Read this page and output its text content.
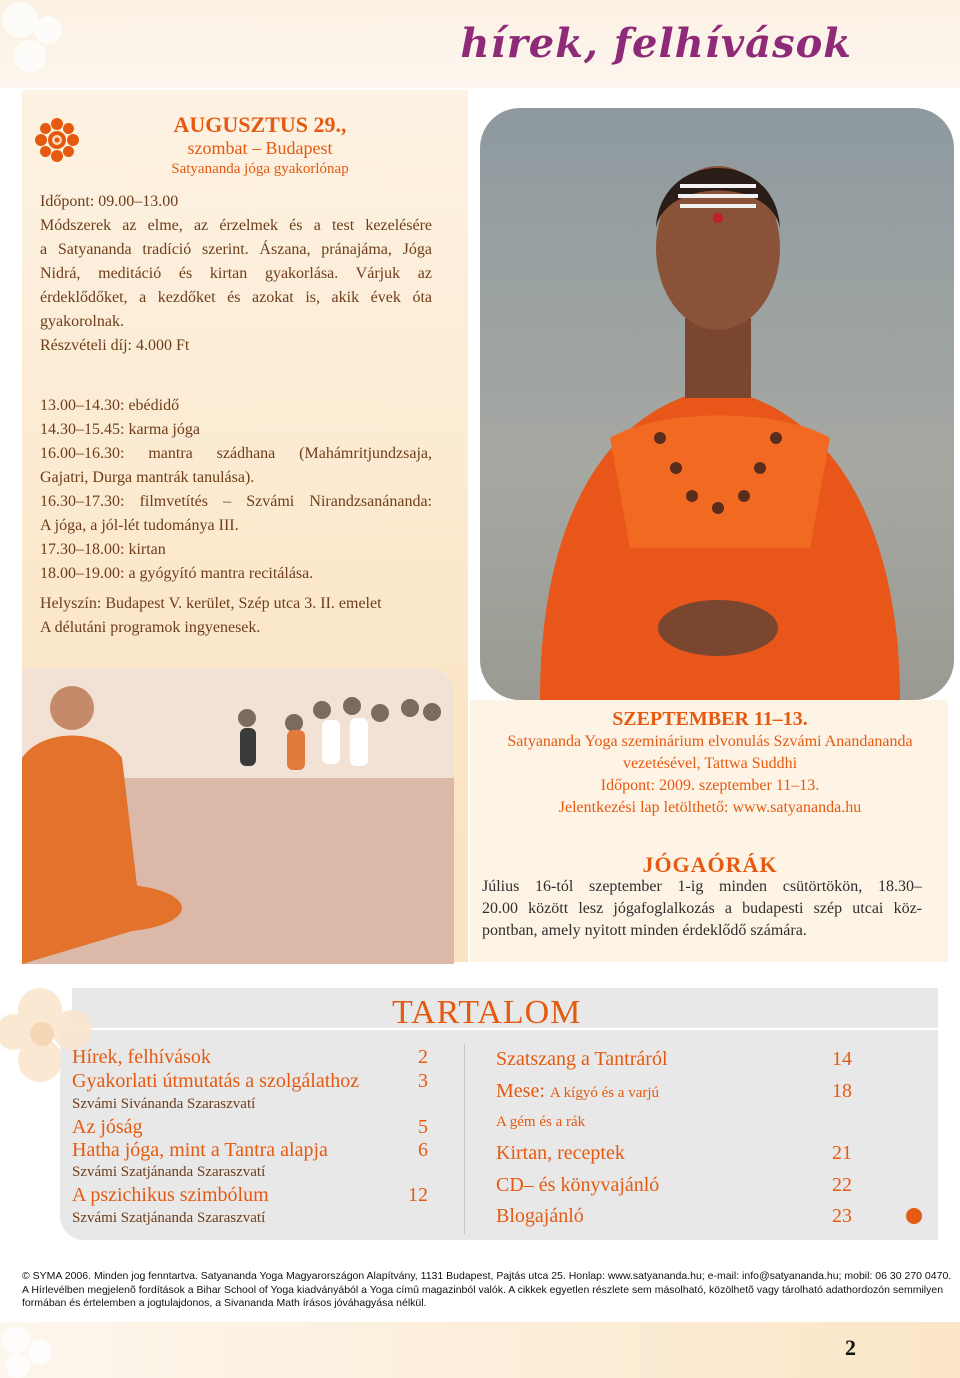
hírek, felhívások
AUGUSZTUS 29.,
szombat – Budapest
Satyananda jóga gyakorlónap
Időpont: 09.00–13.00
Módszerek az elme, az érzelmek és a test kezelésére
a Satyananda tradíció szerint. Ászana, pránajáma, Jóga
Nidrá, meditáció és kirtan gyakorlása. Várjuk az
érdeklődőket, a kezdőket és azokat is, akik évek óta
gyakorolnak.
Részvételi díj: 4.000 Ft
13.00–14.30: ebédidő
14.30–15.45: karma jóga
16.00–16.30: mantra szádhana (Mahámritjundzsaja,
Gajatri, Durga mantrák tanulása).
16.30–17.30: filmvetítés – Szvámi Nirandzsanánanda:
A jóga, a jól-lét tudománya III.
17.30–18.00: kirtan
18.00–19.00: a gyógyító mantra recitálása.
Helyszín: Budapest V. kerület, Szép utca 3. II. emelet
A délutáni programok ingyenesek.
SZEPTEMBER 11–13.
Satyananda Yoga szeminárium elvonulás Szvámi Anandananda
vezetésével, Tattwa Suddhi
Időpont: 2009. szeptember 11–13.
Jelentkezési lap letölthető: www.satyananda.hu
JÓGAÓRÁK
Július 16-tól szeptember 1-ig minden csütörtökön, 18.30–
20.00 között lesz jógafoglalkozás a budapesti szép utcai köz-
pontban, amely nyitott minden érdeklődő számára.
TARTALOM
Hírek, felhívások	2
Gyakorlati útmutatás a szolgálathoz	3
Szvámi Sivánanda Szaraszvatí
Az jóság	5
Hatha jóga, mint a Tantra alapja	6
Szvámi Szatjánanda Szaraszvatí
A pszichikus szimbólum	12
Szvámi Szatjánanda Szaraszvatí
Szatszang a Tantráról	14
Mese: A kígyó és a varjú	18
A gém és a rák
Kirtan, receptek	21
CD– és könyvajánló	22
Blogajánló	23
© SYMA 2006. Minden jog fenntartva. Satyananda Yoga Magyarországon Alapítvány, 1131 Budapest, Pajtás utca 25. Honlap: www.satyananda.hu; e-mail: info@satyananda.hu; mobil: 06 30 270 0470.
A Hírlevélben megjelenõ fordítások a Bihar School of Yoga kiadványából a Yoga címû magazinból valók. A cikkek egyetlen részlete sem másolható, közölhetõ vagy tárolható adathordozón semmilyen
formában és értelemben a jogtulajdonos, a Sivananda Math írásos jóváhagyása nélkül.
2
